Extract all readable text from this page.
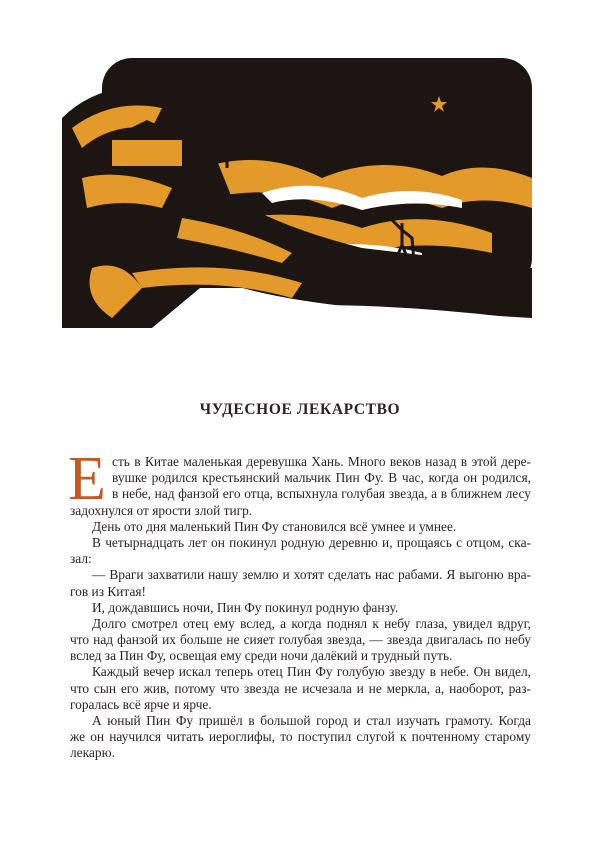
ЧУДЕСНОЕ ЛЕКАРСТВО
Е сть в Китае маленькая деревушка Хань. Много веков назад в этой дере-
вушке родился крестьянский мальчик Пин Фу. В час, когда он родился,
в небе, над фанзой его отца, вспыхнула голубая звезда, а в ближнем лесу
задохнулся от ярости злой тигр.
День ото дня маленький Пин Фу становился всё умнее и умнее.
В четырнадцать лет он покинул родную деревню и, прощаясь с отцом, ска-
зал:
— Враги захватили нашу землю и хотят сделать нас рабами. Я выгоню вра-
гов из Китая!
И, дождавшись ночи, Пин Фу покинул родную фанзу.
Долго смотрел отец ему вслед, а когда поднял к небу глаза, увидел вдруг,
что над фанзой их больше не сияет голубая звезда, — звезда двигалась по небу
вслед за Пин Фу, освещая ему среди ночи далёкий и трудный путь.
Каждый вечер искал теперь отец Пин Фу голубую звезду в небе. Он видел,
что сын его жив, потому что звезда не исчезала и не меркла, а, наоборот, раз-
горалась всё ярче и ярче.
А юный Пин Фу пришёл в большой город и стал изучать грамоту. Когда
же он научился читать иероглифы, то поступил слугой к почтенному старому
лекарю.
